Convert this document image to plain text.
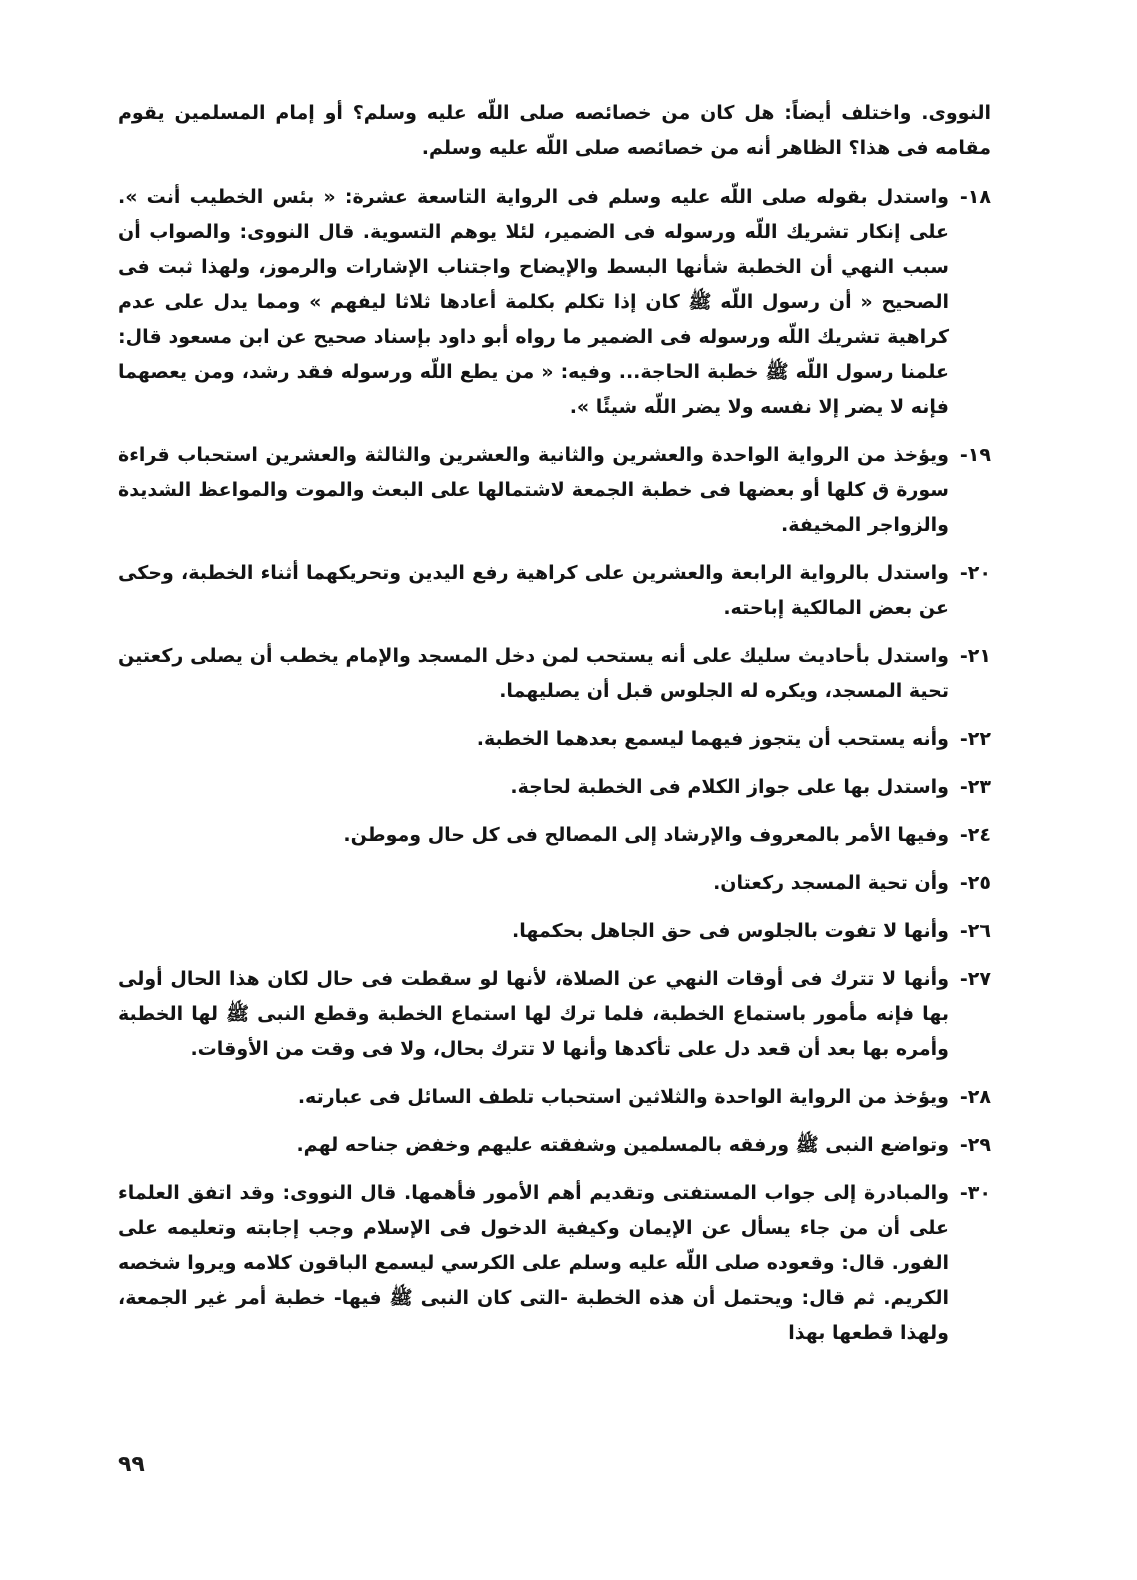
النووى. واختلف أيضاً: هل كان من خصائصه صلى اللّه عليه وسلم؟ أو إمام المسلمين يقوم مقامه فى هذا؟ الظاهر أنه من خصائصه صلى اللّه عليه وسلم.

١٨-

واستدل بقوله صلى اللّه عليه وسلم فى الرواية التاسعة عشرة: « بئس الخطيب أنت ». على إنكار تشريك اللّه ورسوله فى الضمير، لئلا يوهم التسوية. قال النووى: والصواب أن سبب النهي أن الخطبة شأنها البسط والإيضاح واجتناب الإشارات والرموز، ولهذا ثبت فى الصحيح « أن رسول اللّه ﷺ كان إذا تكلم بكلمة أعادها ثلاثا ليفهم » ومما يدل على عدم كراهية تشريك اللّه ورسوله فى الضمير ما رواه أبو داود بإسناد صحيح عن ابن مسعود قال: علمنا رسول اللّه ﷺ خطبة الحاجة... وفيه: « من يطع اللّه ورسوله فقد رشد، ومن يعصهما فإنه لا يضر إلا نفسه ولا يضر اللّه شيئًا ».

١٩-

ويؤخذ من الرواية الواحدة والعشرين والثانية والعشرين والثالثة والعشرين استحباب قراءة سورة ق كلها أو بعضها فى خطبة الجمعة لاشتمالها على البعث والموت والمواعظ الشديدة والزواجر المخيفة.

٢٠-

واستدل بالرواية الرابعة والعشرين على كراهية رفع اليدين وتحريكهما أثناء الخطبة، وحكى عن بعض المالكية إباحته.

٢١-

واستدل بأحاديث سليك على أنه يستحب لمن دخل المسجد والإمام يخطب أن يصلى ركعتين تحية المسجد، ويكره له الجلوس قبل أن يصليهما.

٢٢-

وأنه يستحب أن يتجوز فيهما ليسمع بعدهما الخطبة.

٢٣-

واستدل بها على جواز الكلام فى الخطبة لحاجة.

٢٤-

وفيها الأمر بالمعروف والإرشاد إلى المصالح فى كل حال وموطن.

٢٥-

وأن تحية المسجد ركعتان.

٢٦-

وأنها لا تفوت بالجلوس فى حق الجاهل بحكمها.

٢٧-

وأنها لا تترك فى أوقات النهي عن الصلاة، لأنها لو سقطت فى حال لكان هذا الحال أولى بها فإنه مأمور باستماع الخطبة، فلما ترك لها استماع الخطبة وقطع النبى ﷺ لها الخطبة وأمره بها بعد أن قعد دل على تأكدها وأنها لا تترك بحال، ولا فى وقت من الأوقات.

٢٨-

ويؤخذ من الرواية الواحدة والثلاثين استحباب تلطف السائل فى عبارته.

٢٩-

وتواضع النبى ﷺ ورفقه بالمسلمين وشفقته عليهم وخفض جناحه لهم.

٣٠-

والمبادرة إلى جواب المستفتى وتقديم أهم الأمور فأهمها. قال النووى: وقد اتفق العلماء على أن من جاء يسأل عن الإيمان وكيفية الدخول فى الإسلام وجب إجابته وتعليمه على الفور. قال: وقعوده صلى اللّه عليه وسلم على الكرسي ليسمع الباقون كلامه ويروا شخصه الكريم. ثم قال: ويحتمل أن هذه الخطبة -التى كان النبى ﷺ فيها- خطبة أمر غير الجمعة، ولهذا قطعها بهذا

٩٩
